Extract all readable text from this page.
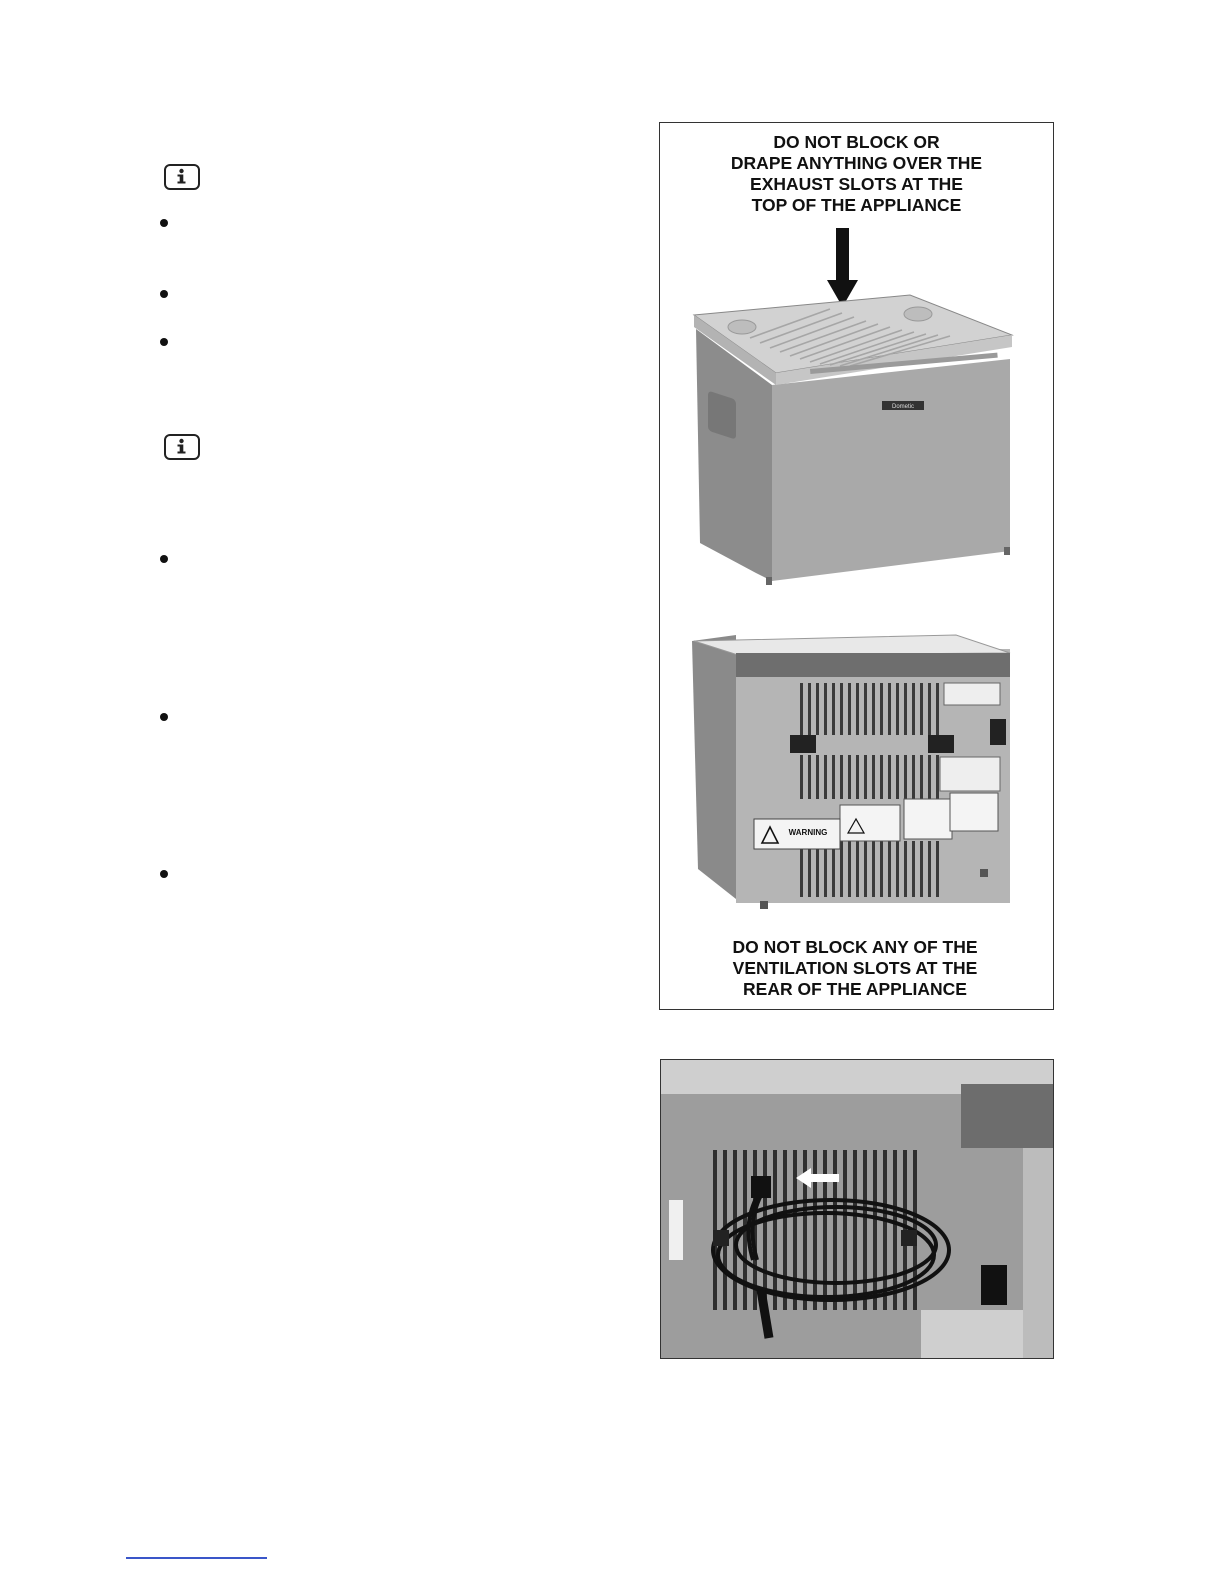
DO NOT BLOCK OR
DRAPE ANYTHING OVER THE
EXHAUST SLOTS AT THE
TOP OF THE APPLIANCE
Dometic
WARNING
DO NOT BLOCK ANY OF THE
VENTILATION SLOTS AT THE
REAR OF THE APPLIANCE
